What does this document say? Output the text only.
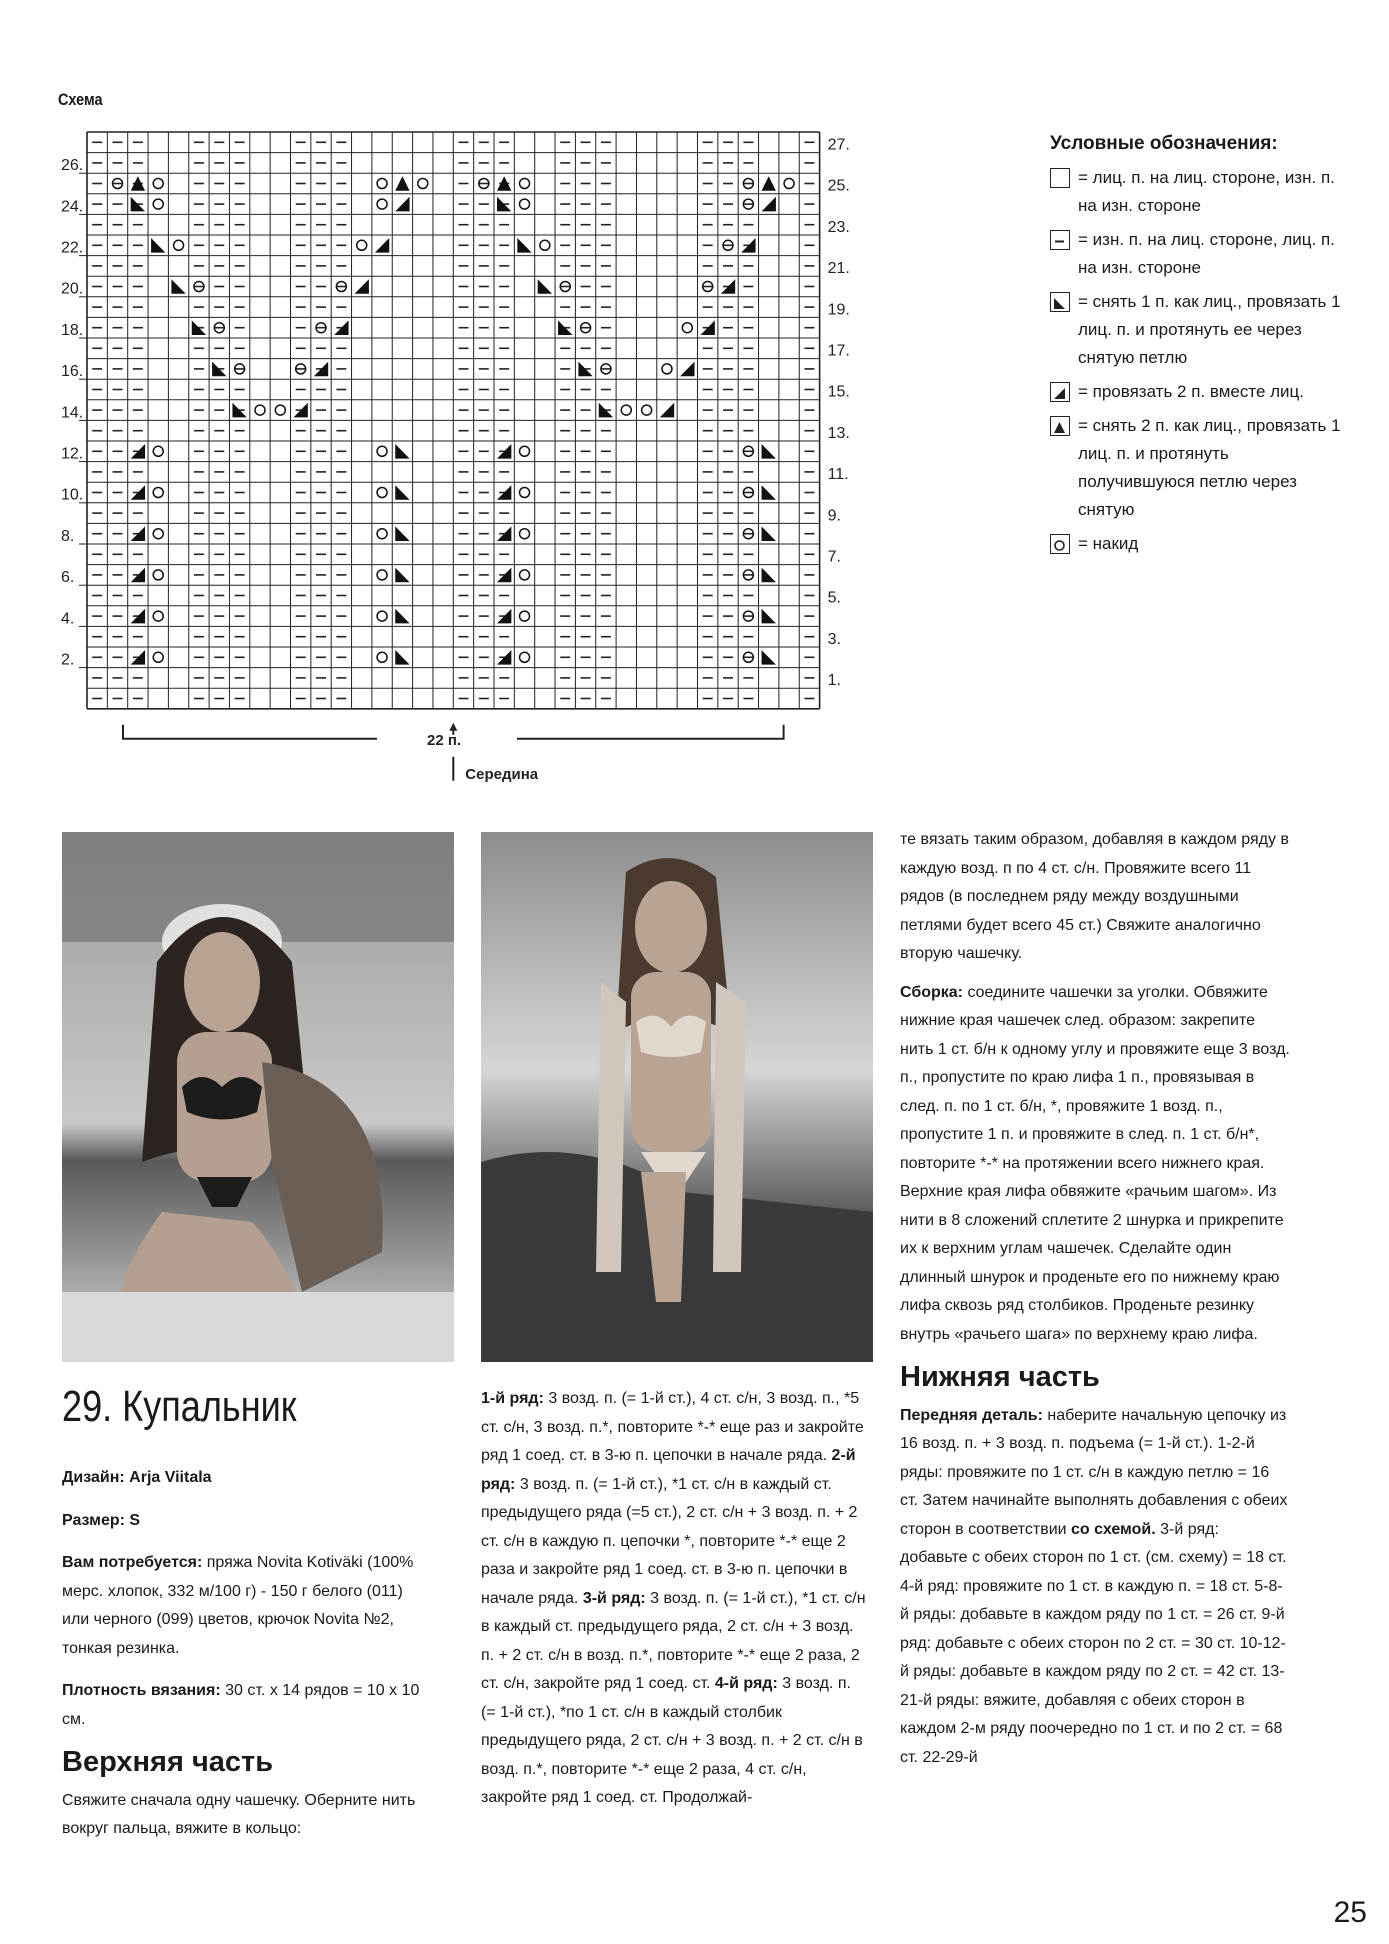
Схема
26.
24.
22.
20.
18.
16.
14.
12.
10.
8.
6.
4.
2.
27.
25.
23.
21.
19.
17.
15.
13.
11.
9.
7.
5.
3.
1.
22 п.
Середина
Условные обозначения:
= лиц. п. на лиц. стороне, изн. п. на изн. стороне
= изн. п. на лиц. стороне, лиц. п. на изн. стороне
= снять 1 п. как лиц., провязать 1 лиц. п. и протянуть ее через снятую петлю
= провязать 2 п. вместе лиц.
= снять 2 п. как лиц., провязать 1 лиц. п. и протянуть получившуюся петлю через снятую
= накид
29. Купальник

Дизайн: Arja Viitala

Размер: S

Вам потребуется: пряжа Novita Kotiväki (100% мерс. хлопок, 332 м/100 г) - 150 г белого (011) или черного (099) цветов, крючок Novita №2, тонкая резинка.

Плотность вязания: 30 ст. х 14 рядов = 10 х 10 см.

Верхняя часть

Свяжите сначала одну чашечку. Оберните нить вокруг пальца, вяжите в кольцо:

1-й ряд: 3 возд. п. (= 1-й ст.), 4 ст. с/н, 3 возд. п., *5 ст. с/н, 3 возд. п.*, повторите *-* еще раз и закройте ряд 1 соед. ст. в 3-ю п. цепочки в начале ряда. 2-й ряд: 3 возд. п. (= 1-й ст.), *1 ст. с/н в каждый ст. предыдущего ряда (=5 ст.), 2 ст. с/н + 3 возд. п. + 2 ст. с/н в каждую п. цепочки *, повторите *-* еще 2 раза и закройте ряд 1 соед. ст. в 3-ю п. цепочки в начале ряда. 3-й ряд: 3 возд. п. (= 1-й ст.), *1 ст. с/н в каждый ст. предыдущего ряда, 2 ст. с/н + 3 возд. п. + 2 ст. с/н в возд. п.*, повторите *-* еще 2 раза, 2 ст. с/н, закройте ряд 1 соед. ст. 4-й ряд: 3 возд. п. (= 1-й ст.), *по 1 ст. с/н в каждый столбик предыдущего ряда, 2 ст. с/н + 3 возд. п. + 2 ст. с/н в возд. п.*, повторите *-* еще 2 раза, 4 ст. с/н, закройте ряд 1 соед. ст. Продолжай-

те вязать таким образом, добавляя в каждом ряду в каждую возд. п по 4 ст. с/н. Провяжите всего 11 рядов (в последнем ряду между воздушными петлями будет всего 45 ст.) Свяжите аналогично вторую чашечку.

Сборка: соедините чашечки за уголки. Обвяжите нижние края чашечек след. образом: закрепите нить 1 ст. б/н к одному углу и провяжите еще 3 возд. п., пропустите по краю лифа 1 п., провязывая в след. п. по 1 ст. б/н, *, провяжите 1 возд. п., пропустите 1 п. и провяжите в след. п. 1 ст. б/н*, повторите *-* на протяжении всего нижнего края. Верхние края лифа обвяжите «рачьим шагом». Из нити в 8 сложений сплетите 2 шнурка и прикрепите их к верхним углам чашечек. Сделайте один длинный шнурок и проденьте его по нижнему краю лифа сквозь ряд столбиков. Проденьте резинку внутрь «рачьего шага» по верхнему краю лифа.

Нижняя часть

Передняя деталь: наберите начальную цепочку из 16 возд. п. + 3 возд. п. подъема (= 1-й ст.). 1-2-й ряды: провяжите по 1 ст. с/н в каждую петлю = 16 ст. Затем начинайте выполнять добавления с обеих сторон в соответствии со схемой. 3-й ряд: добавьте с обеих сторон по 1 ст. (см. схему) = 18 ст. 4-й ряд: провяжите по 1 ст. в каждую п. = 18 ст. 5-8-й ряды: добавьте в каждом ряду по 1 ст. = 26 ст. 9-й ряд: добавьте с обеих сторон по 2 ст. = 30 ст. 10-12-й ряды: добавьте в каждом ряду по 2 ст. = 42 ст. 13-21-й ряды: вяжите, добавляя с обеих сторон в каждом 2-м ряду поочередно по 1 ст. и по 2 ст. = 68 ст. 22-29-й

25
